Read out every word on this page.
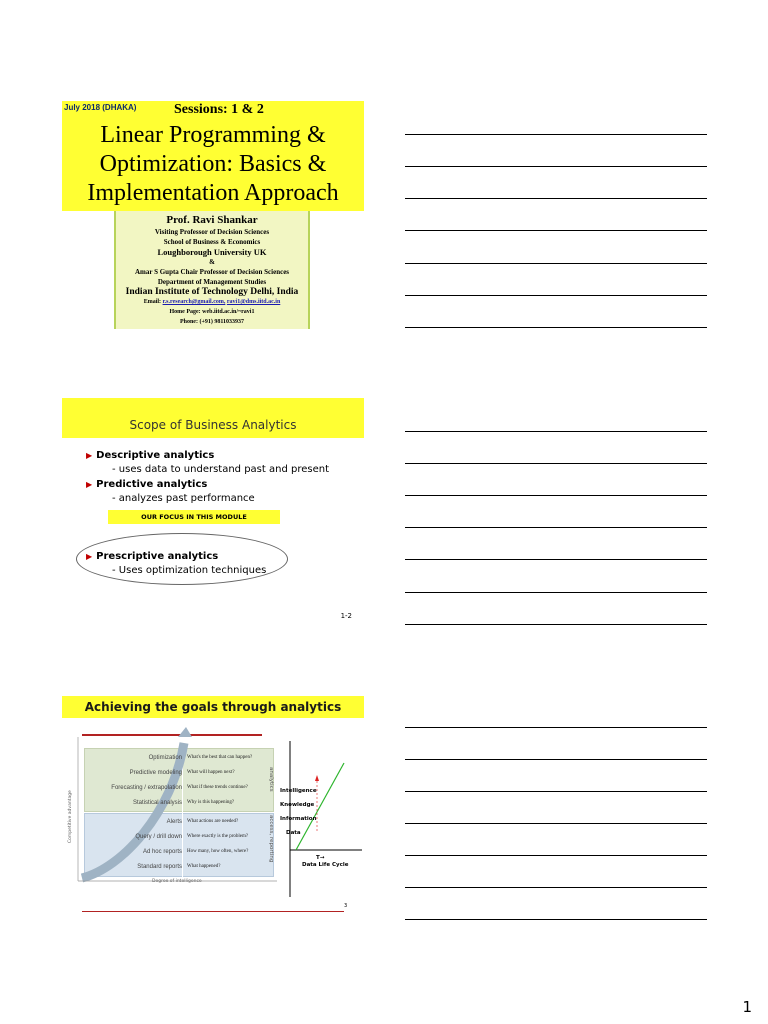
July 2018 (DHAKA)	Sessions: 1 & 2
Linear Programming &
Optimization: Basics &
Implementation Approach
Prof. Ravi Shankar
Visiting Professor of Decision Sciences
School of Business & Economics
Loughborough University UK
&
Amar S Gupta Chair Professor of Decision Sciences
Department of Management Studies
Indian Institute of Technology Delhi, India
Email: r.s.research@gmail.com, ravi1@dms.iitd.ac.in
Home Page: web.iitd.ac.in/~ravi1
Phone: (+91) 9811033937
Scope of Business Analytics
▶ Descriptive analytics
- uses data to understand past and present
▶ Predictive analytics
- analyzes past performance
OUR FOCUS IN THIS MODULE
▶ Prescriptive analytics
- Uses optimization techniques
1-2
Achieving the goals through analytics
Optimization What's the best that can happen?
Predictive modeling What will happen next?
Forecasting / extrapolation What if these trends continue?
Statistical analysis Why is this happening?
Alerts What actions are needed?
Query / drill down Where exactly is the problem?
Ad hoc reports How many, how often, where?
Standard reports What happened?
analytics
access, reporting
Competitive advantage
Degree of intelligence
Intelligence
Knowledge
Information
Data
T→
Data Life Cycle
3
1
